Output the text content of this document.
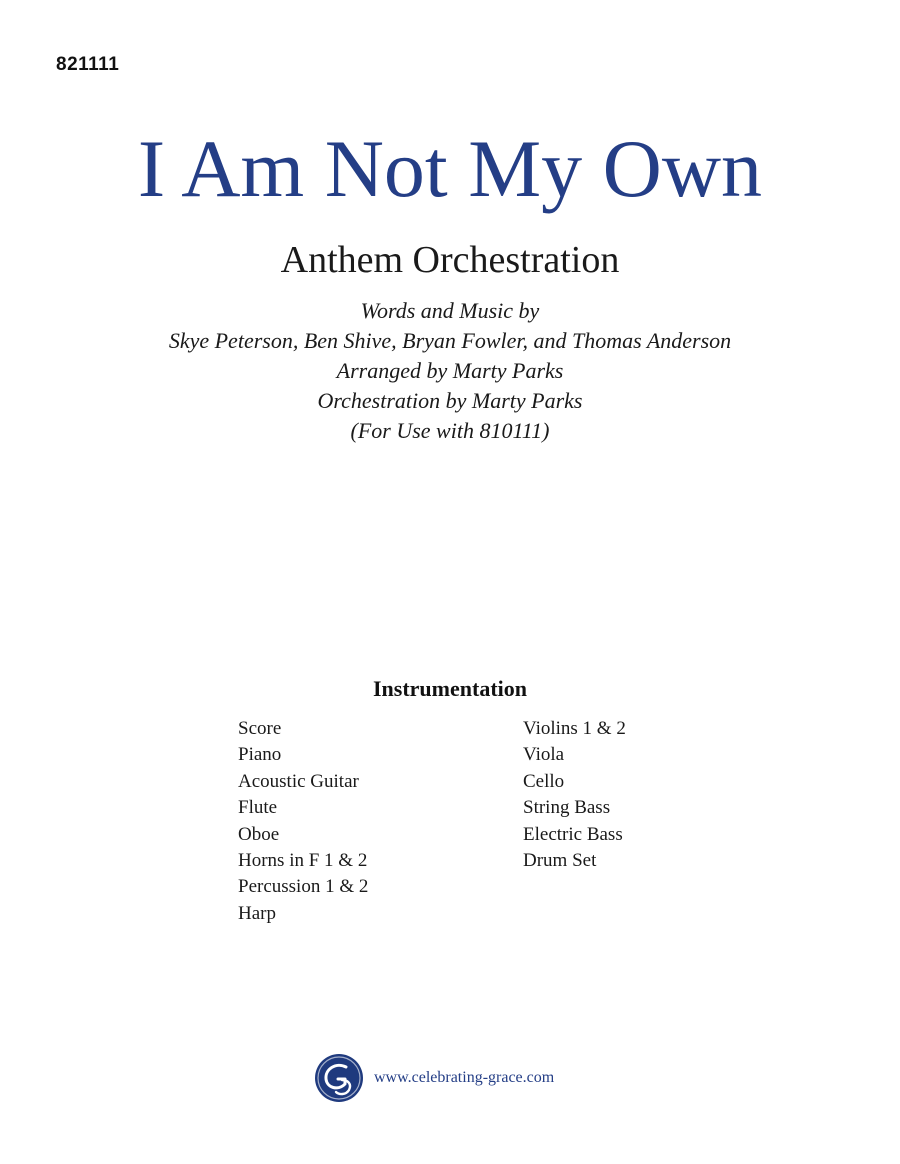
821111
I Am Not My Own
Anthem Orchestration
Words and Music by
Skye Peterson, Ben Shive, Bryan Fowler, and Thomas Anderson
Arranged by Marty Parks
Orchestration by Marty Parks
(For Use with 810111)
Instrumentation
Score
Piano
Acoustic Guitar
Flute
Oboe
Horns in F 1 & 2
Percussion 1 & 2
Harp
Violins 1 & 2
Viola
Cello
String Bass
Electric Bass
Drum Set
www.celebrating-grace.com
